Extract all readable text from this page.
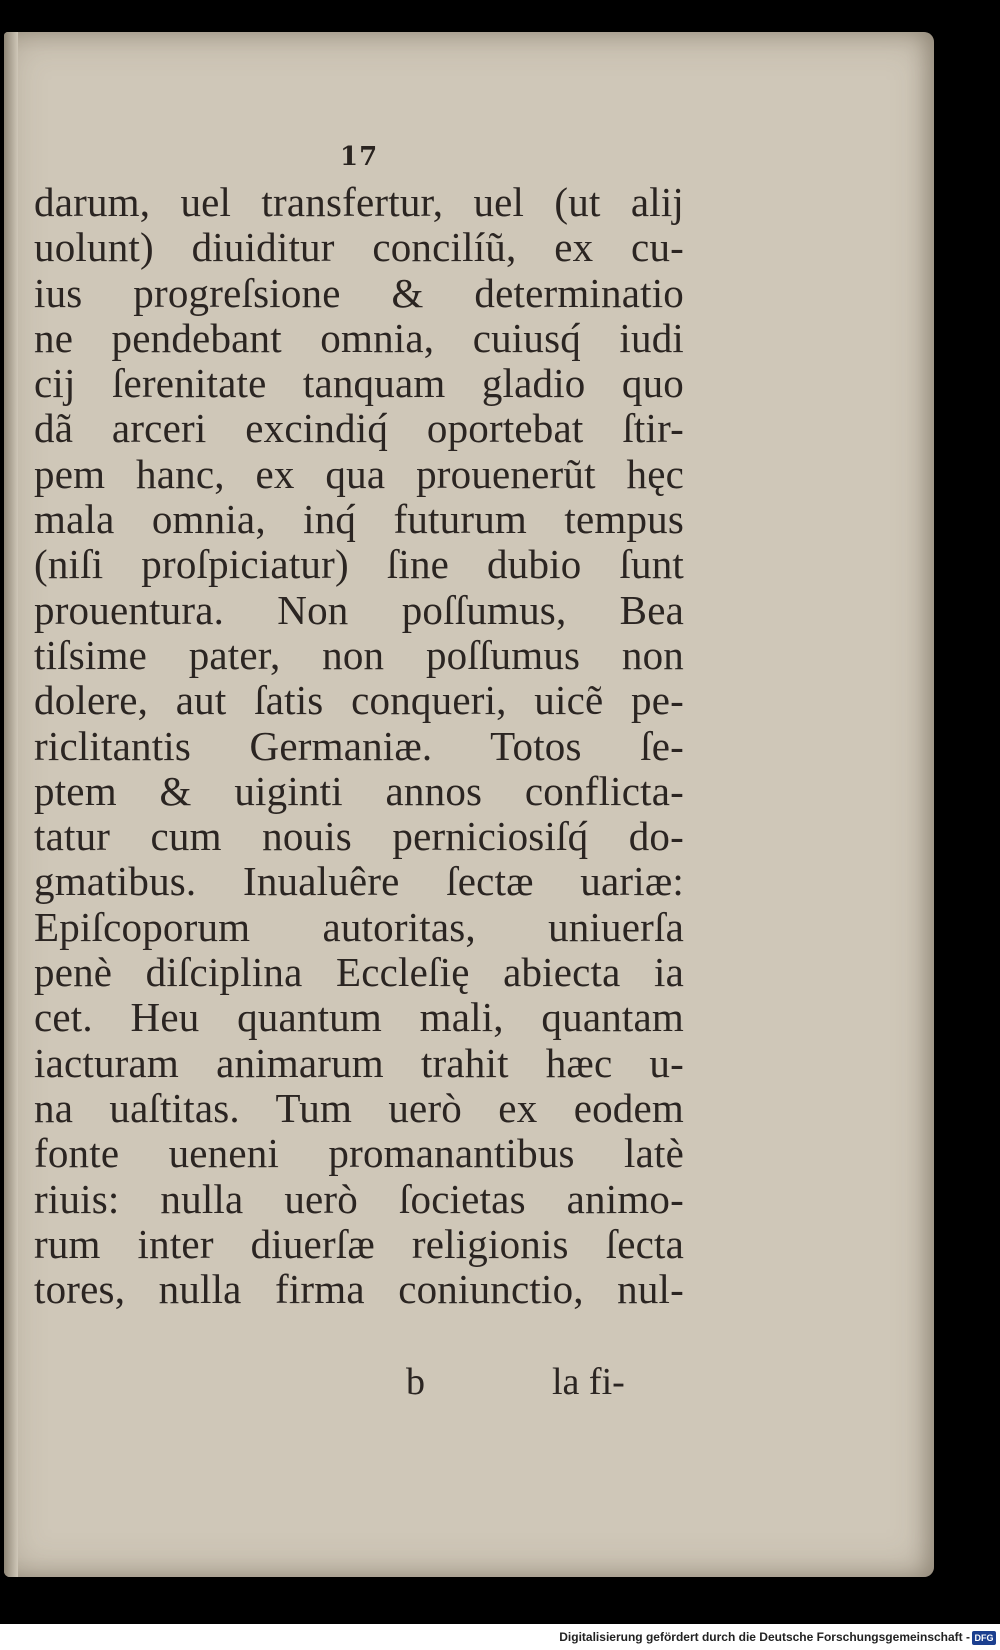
17
darum, uel transfertur, uel (ut alij
uolunt) diuiditur concilíũ, ex cu-
ius progreſsione & determinatio
ne pendebant omnia, cuiusq́ iudi
cij ſerenitate tanquam gladio quo
dã arceri excindiq́ oportebat ſtir-
pem hanc, ex qua prouenerũt hęc
mala omnia, inq́ futurum tempus
(niſi proſpiciatur) ſine dubio ſunt
prouentura. Non poſſumus, Bea
tiſsime pater, non poſſumus non
dolere, aut ſatis conqueri, uicẽ pe-
riclitantis Germaniæ. Totos ſe-
ptem & uiginti annos conflicta-
tatur cum nouis perniciosiſq́ do-
gmatibus. Inualuêre ſectæ uariæ:
Epiſcoporum autoritas, uniuerſa
penè diſciplina Eccleſię abiecta ia
cet. Heu quantum mali, quantam
iacturam animarum trahit hæc u-
na uaſtitas. Tum uerò ex eodem
fonte ueneni promanantibus latè
riuis: nulla uerò ſocietas animo-
rum inter diuerſæ religionis ſecta
tores, nulla firma coniunctio, nul-
b	la fi-
Digitalisierung gefördert durch die Deutsche Forschungsgemeinschaft - DFG
